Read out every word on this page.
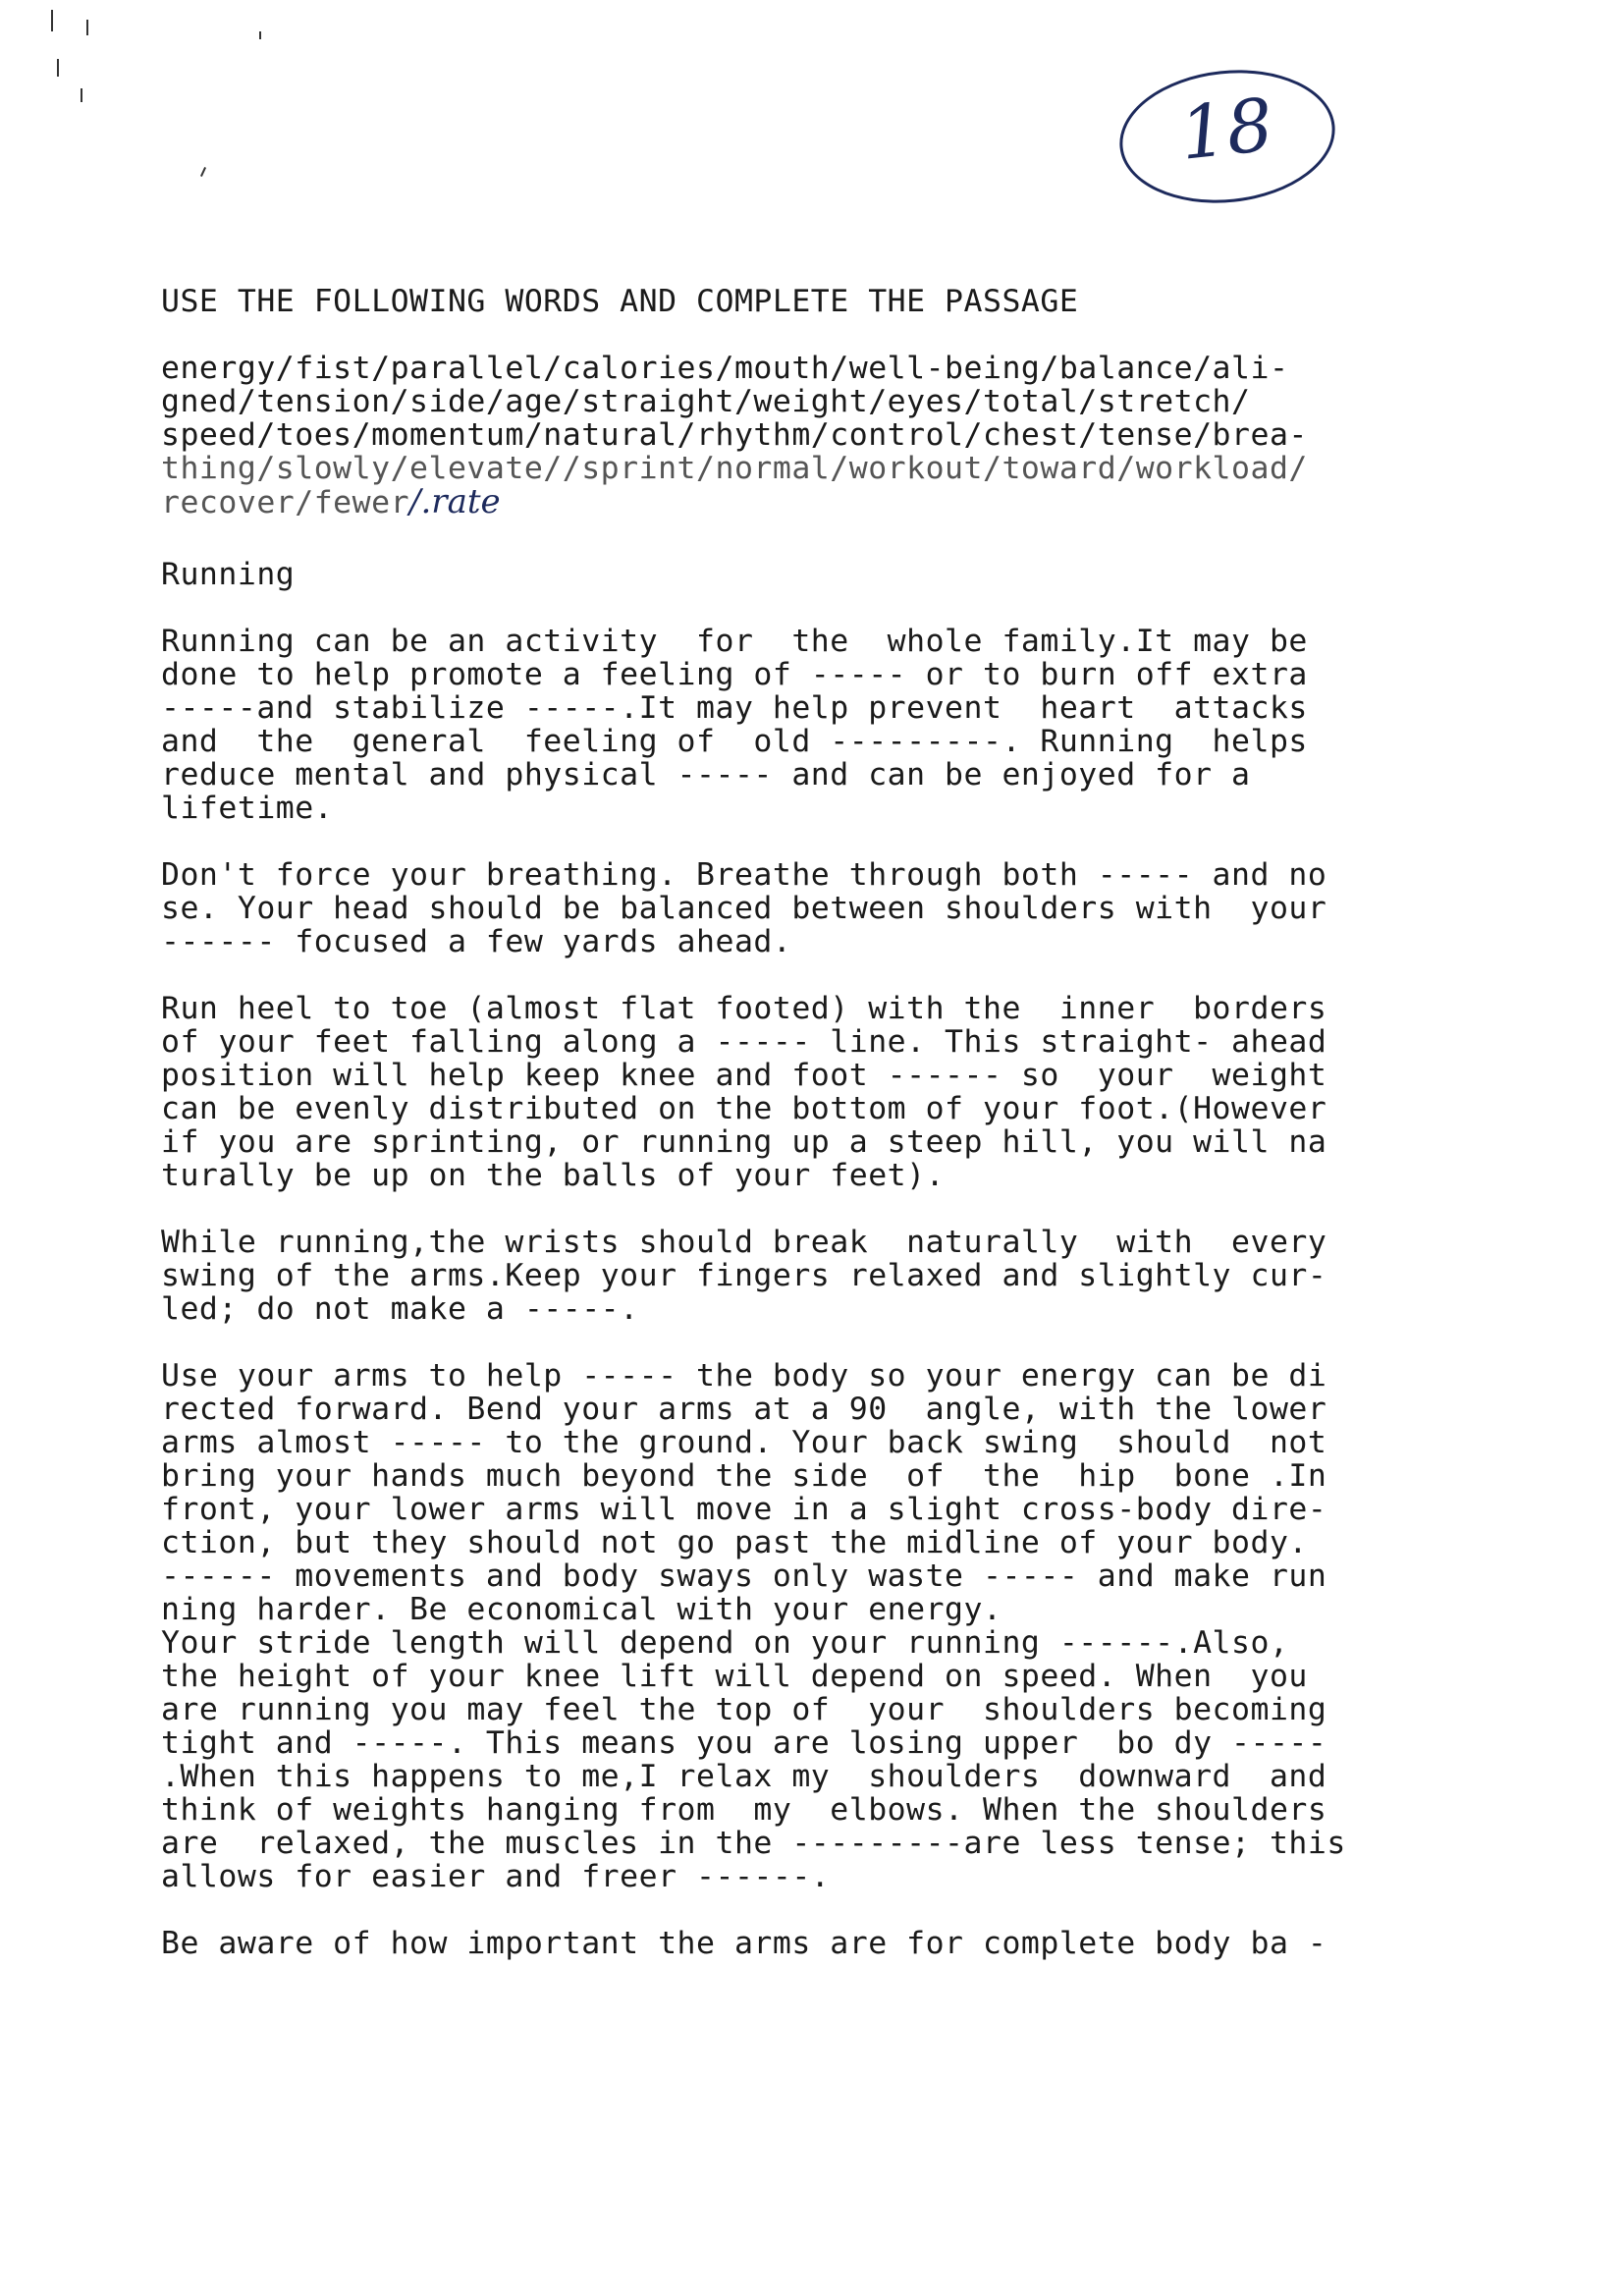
18
USE THE FOLLOWING WORDS AND COMPLETE THE PASSAGE
energy/fist/parallel/calories/mouth/well-being/balance/ali-
gned/tension/side/age/straight/weight/eyes/total/stretch/
speed/toes/momentum/natural/rhythm/control/chest/tense/brea-
thing/slowly/elevate//sprint/normal/workout/toward/workload/
recover/fewer/.rate
Running
Running can be an activity  for  the  whole family.It may be
done to help promote a feeling of ----- or to burn off extra
-----and stabilize -----.It may help prevent  heart  attacks
and  the  general  feeling of  old ---------. Running  helps
reduce mental and physical ----- and can be enjoyed for a
lifetime.
Don't force your breathing. Breathe through both ----- and no
se. Your head should be balanced between shoulders with  your
------ focused a few yards ahead.
Run heel to toe (almost flat footed) with the  inner  borders
of your feet falling along a ----- line. This straight- ahead
position will help keep knee and foot ------ so  your  weight
can be evenly distributed on the bottom of your foot.(However
if you are sprinting, or running up a steep hill, you will na
turally be up on the balls of your feet).
While running,the wrists should break  naturally  with  every
swing of the arms.Keep your fingers relaxed and slightly cur-
led; do not make a -----.
Use your arms to help ----- the body so your energy can be di
rected forward. Bend your arms at a 90  angle, with the lower
arms almost ----- to the ground. Your back swing  should  not
bring your hands much beyond the side  of  the  hip  bone .In
front, your lower arms will move in a slight cross-body dire-
ction, but they should not go past the midline of your body.
------ movements and body sways only waste ----- and make run
ning harder. Be economical with your energy.
Your stride length will depend on your running ------.Also,
the height of your knee lift will depend on speed. When  you
are running you may feel the top of  your  shoulders becoming
tight and -----. This means you are losing upper  bo dy -----
.When this happens to me,I relax my  shoulders  downward  and
think of weights hanging from  my  elbows. When the shoulders
are  relaxed, the muscles in the ---------are less tense; this
allows for easier and freer ------.
Be aware of how important the arms are for complete body ba -
